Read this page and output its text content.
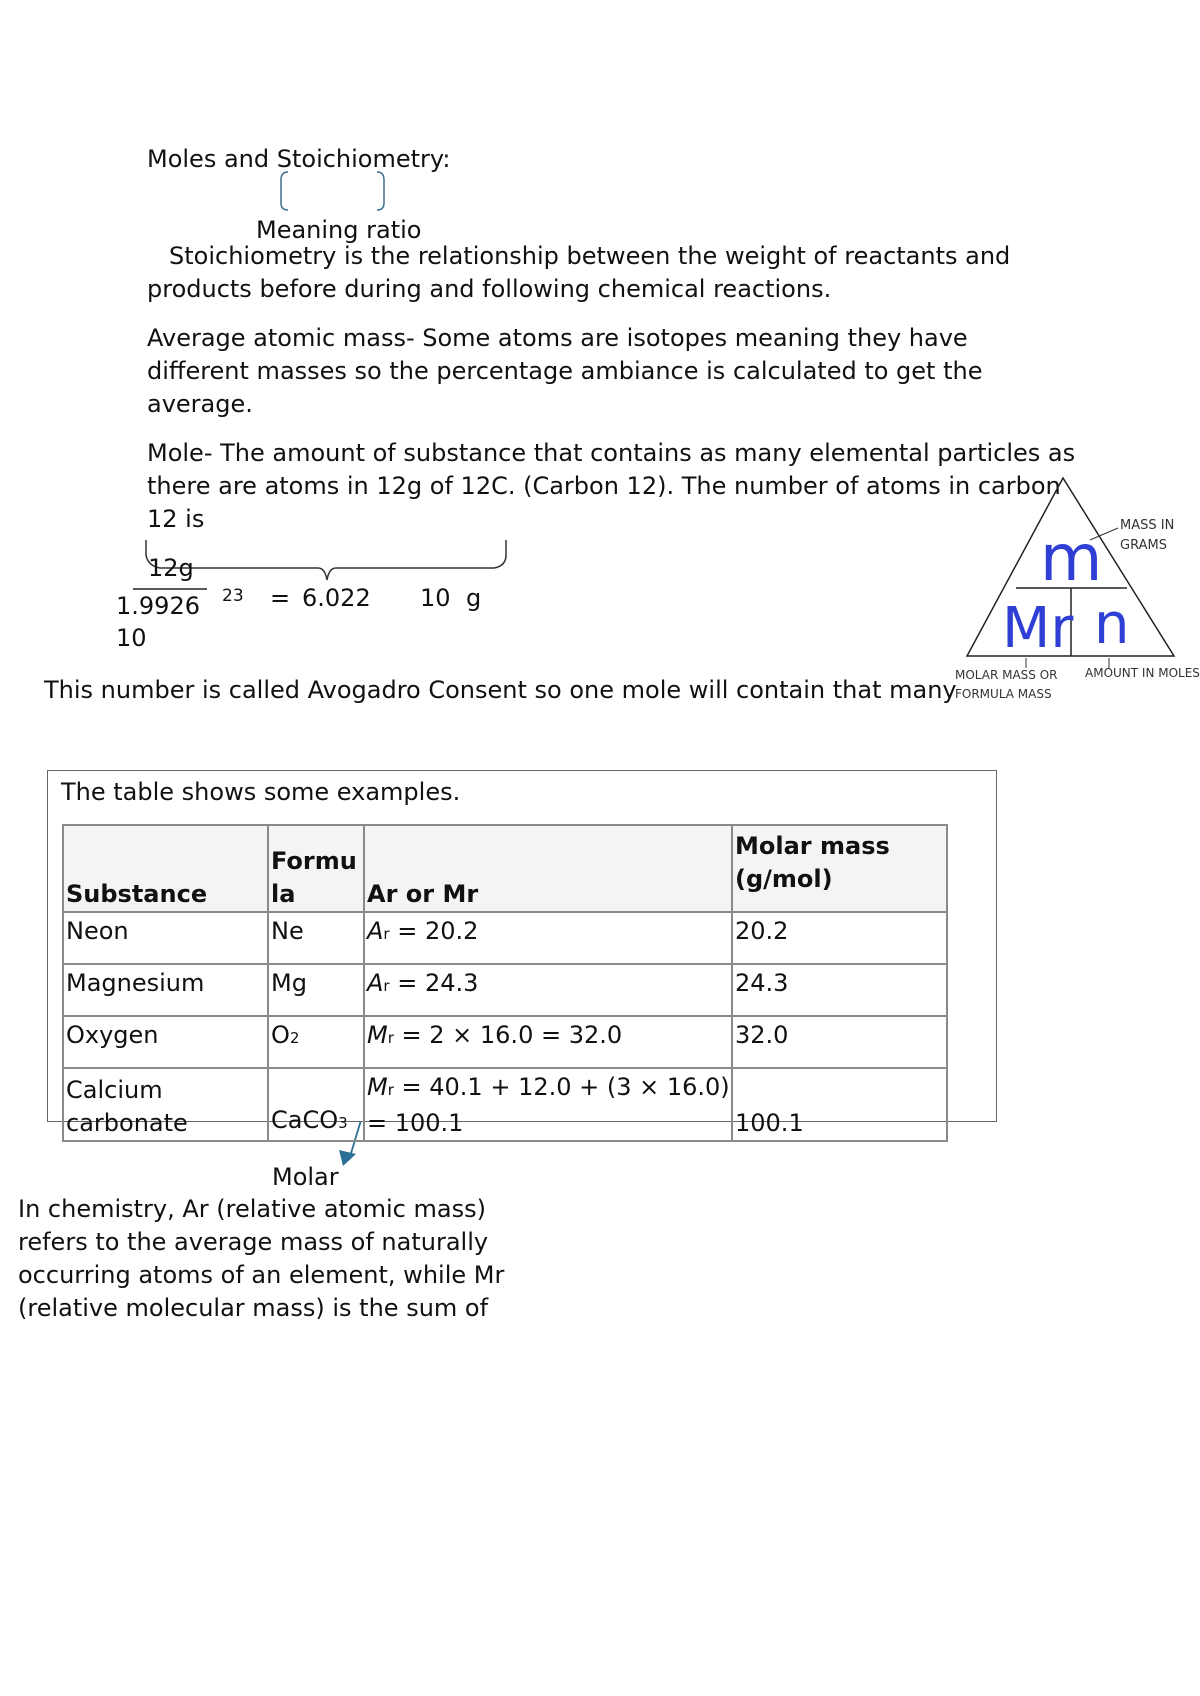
Moles and Stoichiometry:
Meaning ratio
Stoichiometry is the relationship between the weight of reactants and products before during and following chemical reactions.
Average atomic mass- Some atoms are isotopes meaning they have different masses so the percentage ambiance is calculated to get the average.
Mole- The amount of substance that contains as many elemental particles as there are atoms in 12g of 12C. (Carbon 12). The number of atoms in carbon 12 is
12g
1.9926
10
23 = 6.022 10 g
This number is called Avogadro Consent so one mole will contain that many
m
Mr n
MASS IN GRAMS
MOLAR MASS OR FORMULA MASS
AMOUNT IN MOLES
The table shows some examples.
Substance	Formu la	Ar or Mr	Molar mass (g/mol)
Neon	Ne	Ar = 20.2	20.2
Magnesium	Mg	Ar = 24.3	24.3
Oxygen	O2	Mr = 2 × 16.0 = 32.0	32.0
Calcium carbonate	CaCO3	Mr = 40.1 + 12.0 + (3 × 16.0) = 100.1	100.1
Molar
In chemistry, Ar (relative atomic mass) refers to the average mass of naturally occurring atoms of an element, while Mr (relative molecular mass) is the sum of
